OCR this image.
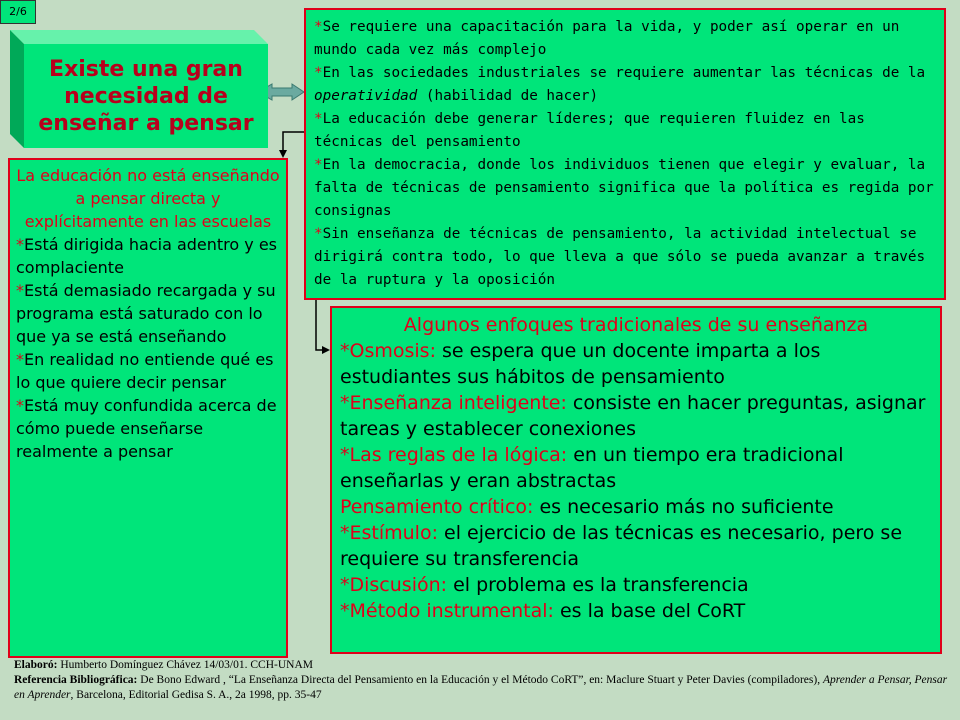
2/6
Existe una gran necesidad de enseñar a pensar

*Se requiere una capacitación para la vida, y poder así operar en un mundo cada vez más complejo

*En las sociedades industriales se requiere aumentar las técnicas de la operatividad (habilidad de hacer)

*La educación debe generar líderes; que requieren fluidez en las técnicas del pensamiento

*En la democracia, donde los individuos tienen que elegir y evaluar, la falta de técnicas de pensamiento significa que la política es regida por consignas

*Sin enseñanza de técnicas de pensamiento, la actividad intelectual se dirigirá contra todo, lo que lleva a que sólo se pueda avanzar a través de la ruptura y la oposición

La educación no está enseñando a pensar directa y explícitamente en las escuelas

*Está dirigida hacia adentro y es complaciente

*Está demasiado recargada y su programa está saturado con lo que ya se está enseñando

*En realidad no entiende qué es lo que quiere decir pensar

*Está muy confundida acerca de cómo puede enseñarse realmente a pensar

Algunos enfoques tradicionales de su enseñanza

*Osmosis: se espera que un docente imparta a los estudiantes sus hábitos de pensamiento

*Enseñanza inteligente: consiste en hacer preguntas, asignar tareas y establecer conexiones

*Las reglas de la lógica: en un tiempo era tradicional enseñarlas y eran abstractas

Pensamiento crítico: es necesario más no suficiente

*Estímulo: el ejercicio de las técnicas es necesario, pero se requiere su transferencia

*Discusión: el problema es la transferencia

*Método instrumental: es la base del CoRT

Elaboró: Humberto Domínguez Chávez 14/03/01. CCH-UNAM
Referencia Bibliográfica: De Bono Edward , “La Enseñanza Directa del Pensamiento en la Educación y el Método CoRT”, en: Maclure Stuart y Peter Davies (compiladores), Aprender a Pensar, Pensar en Aprender, Barcelona, Editorial Gedisa S. A., 2a 1998, pp. 35-47
